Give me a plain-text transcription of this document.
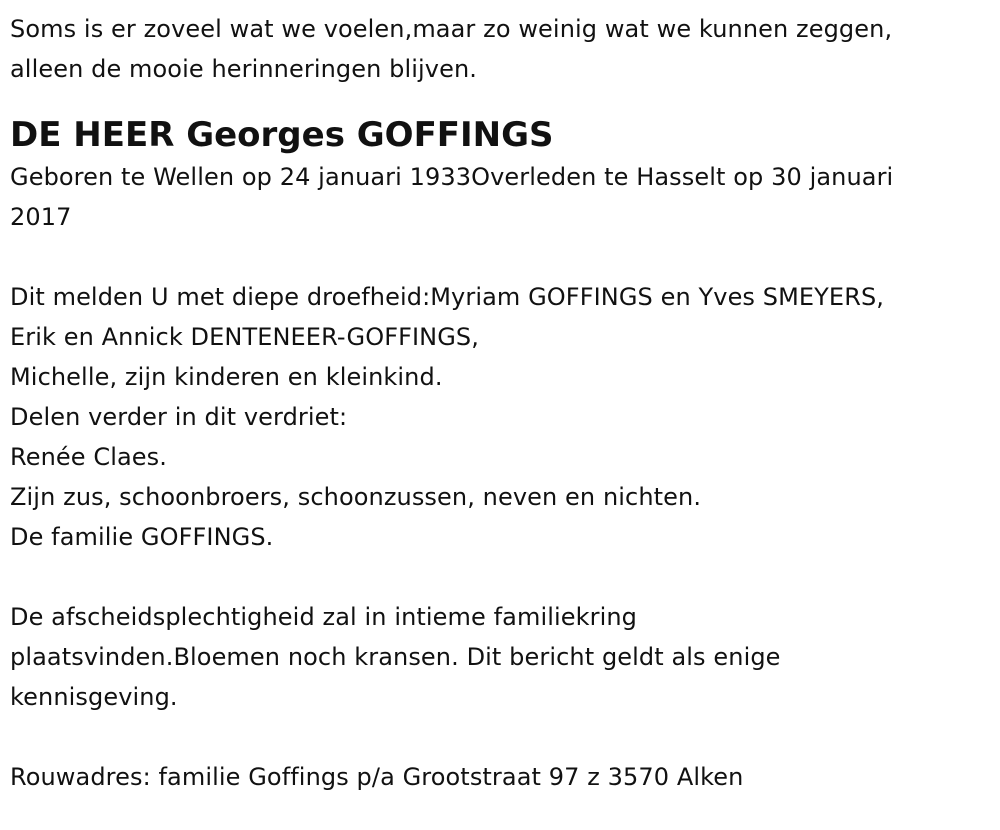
Soms is er zoveel wat we voelen,maar zo weinig wat we kunnen zeggen,
alleen de mooie herinneringen blijven.
DE HEER Georges GOFFINGS
Geboren te Wellen op 24 januari 1933Overleden te Hasselt op 30 januari
2017
Dit melden U met diepe droefheid:Myriam GOFFINGS en Yves SMEYERS,
Erik en Annick DENTENEER-GOFFINGS,
Michelle, zijn kinderen en kleinkind.
Delen verder in dit verdriet:
Renée Claes.
Zijn zus, schoonbroers, schoonzussen, neven en nichten.
De familie GOFFINGS.
De afscheidsplechtigheid zal in intieme familiekring
plaatsvinden.Bloemen noch kransen. Dit bericht geldt als enige
kennisgeving.
Rouwadres: familie Goffings p/a Grootstraat 97 z 3570 Alken
